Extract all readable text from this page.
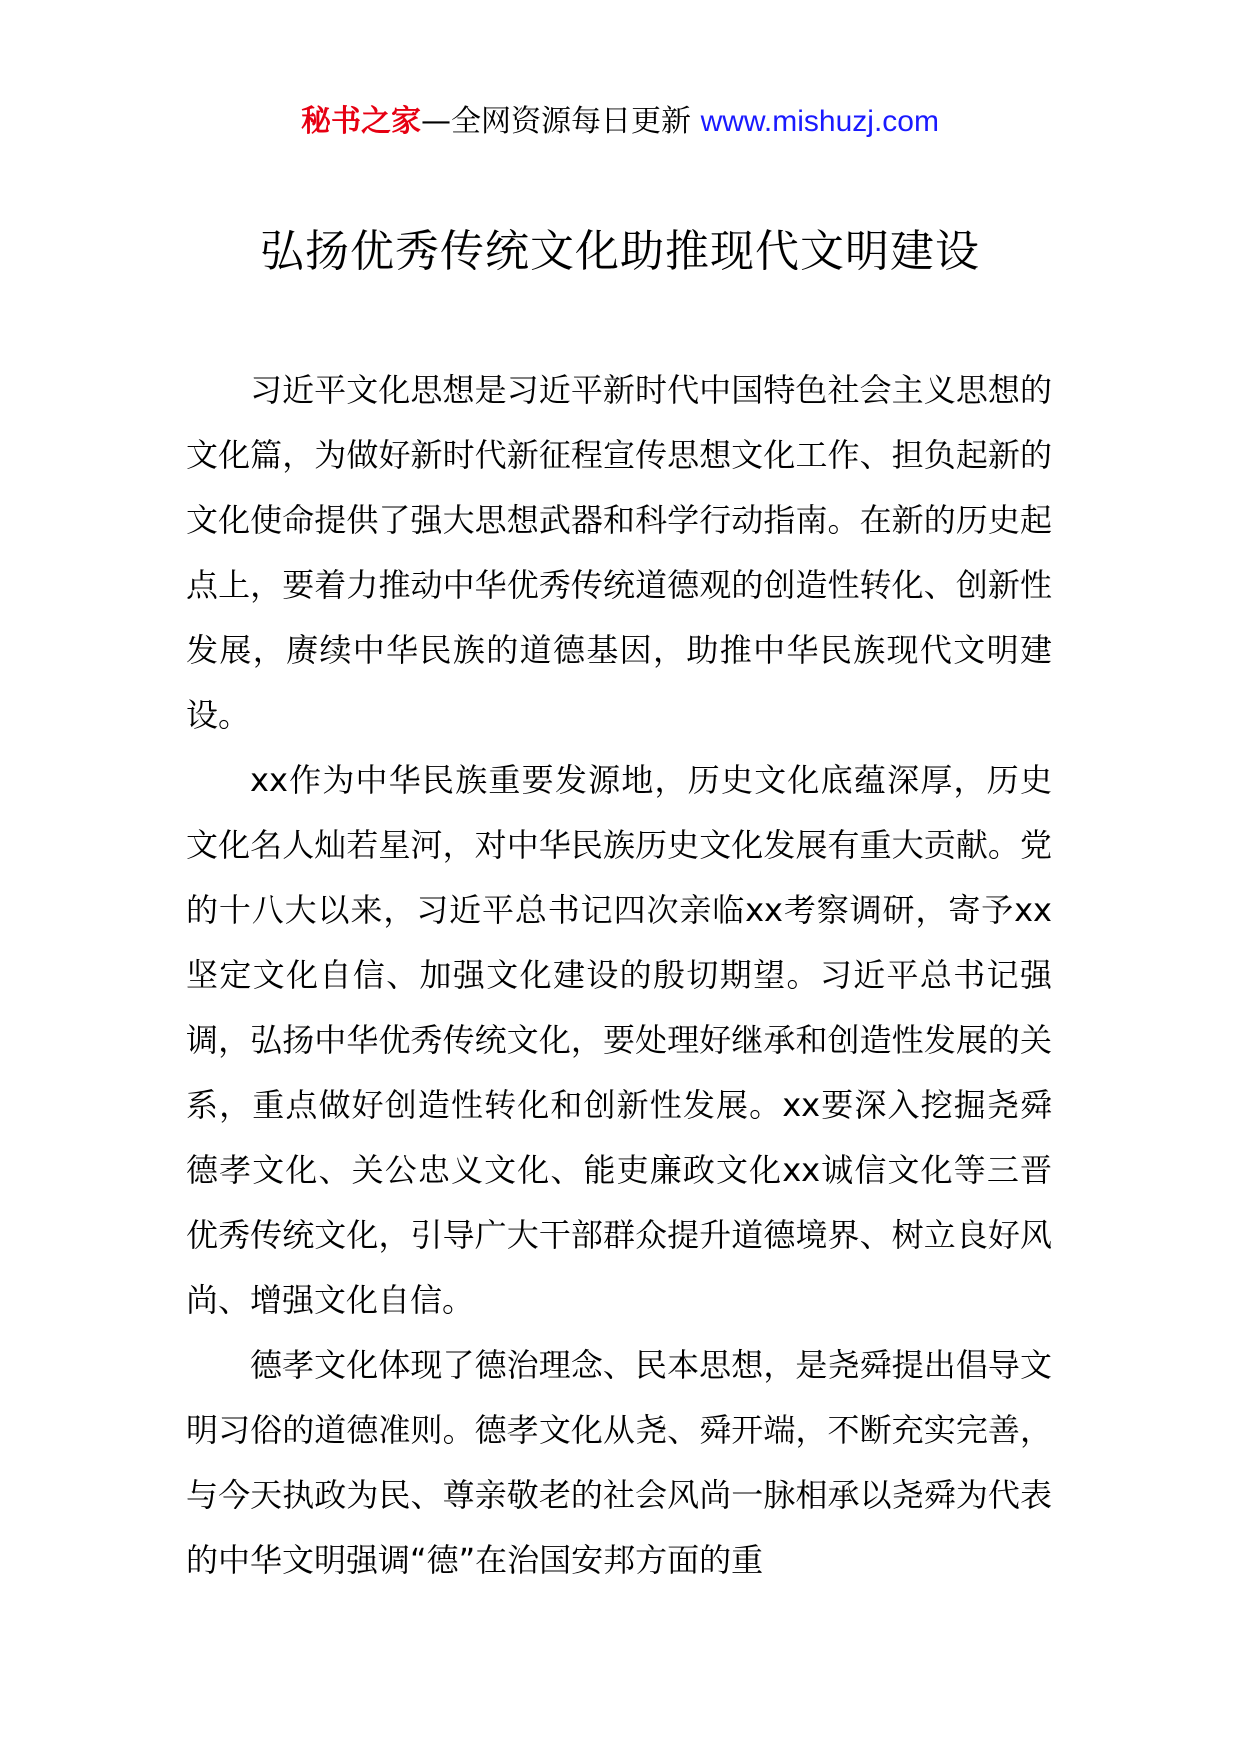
秘书之家—全网资源每日更新 www.mishuzj.com
弘扬优秀传统文化助推现代文明建设

习近平文化思想是习近平新时代中国特色社会主义思想的文化篇，为做好新时代新征程宣传思想文化工作、担负起新的文化使命提供了强大思想武器和科学行动指南。在新的历史起点上，要着力推动中华优秀传统道德观的创造性转化、创新性发展，赓续中华民族的道德基因，助推中华民族现代文明建设。

xx作为中华民族重要发源地，历史文化底蕴深厚，历史文化名人灿若星河，对中华民族历史文化发展有重大贡献。党的十八大以来，习近平总书记四次亲临xx考察调研，寄予xx坚定文化自信、加强文化建设的殷切期望。习近平总书记强调，弘扬中华优秀传统文化，要处理好继承和创造性发展的关系，重点做好创造性转化和创新性发展。xx要深入挖掘尧舜德孝文化、关公忠义文化、能吏廉政文化xx诚信文化等三晋优秀传统文化，引导广大干部群众提升道德境界、树立良好风尚、增强文化自信。

德孝文化体现了德治理念、民本思想，是尧舜提出倡导文明习俗的道德准则。德孝文化从尧、舜开端，不断充实完善，与今天执政为民、尊亲敬老的社会风尚一脉相承以尧舜为代表的中华文明强调“德”在治国安邦方面的重
